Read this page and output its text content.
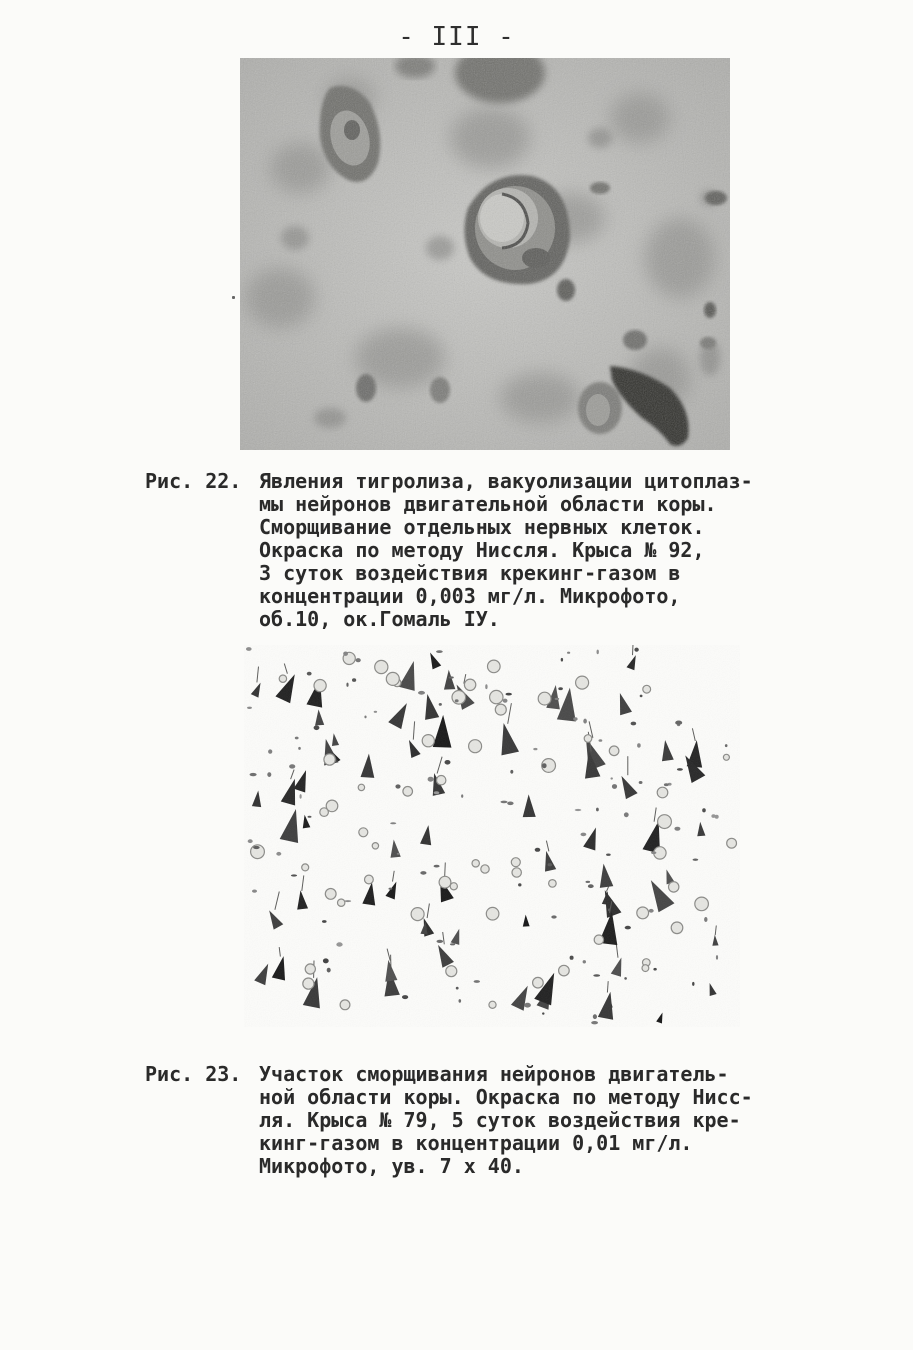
- III -
Рис. 22. Явления тигролиза, вакуолизации цитоплаз-
мы нейронов двигательной области коры.
Сморщивание отдельных нервных клеток.
Окраска по методу Ниссля. Крыса № 92,
3 суток воздействия крекинг-газом в
концентрации 0,003 мг/л. Микрофото,
об.10, ок.Гомаль IУ.
Рис. 23. Участок сморщивания нейронов двигатель-
ной области коры. Окраска по методу Нисс-
ля. Крыса № 79, 5 суток воздействия кре-
кинг-газом в концентрации 0,01 мг/л.
Микрофото, ув. 7 х 40.
